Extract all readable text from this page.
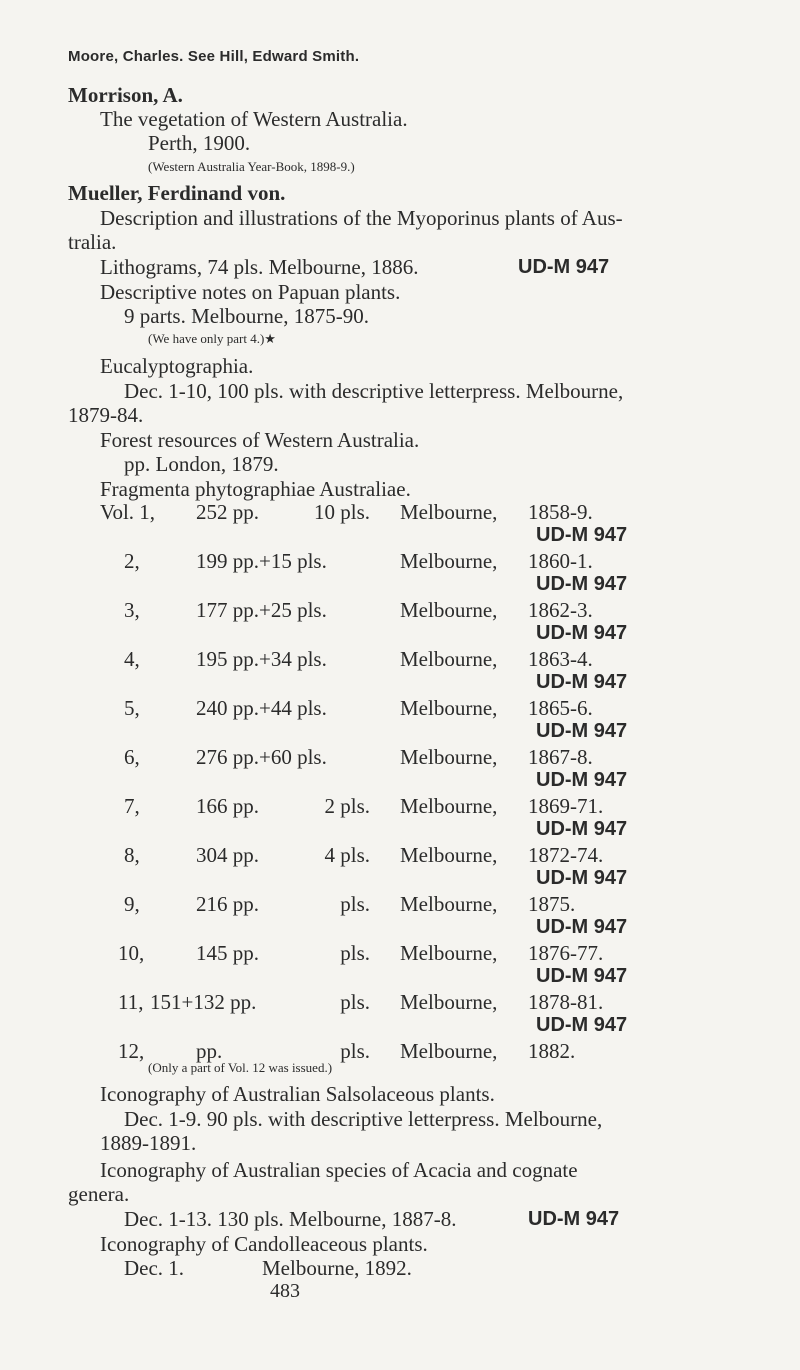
Moore, Charles. See Hill, Edward Smith.
Morrison, A.
The vegetation of Western Australia.
Perth, 1900.
(Western Australia Year-Book, 1898-9.)
Mueller, Ferdinand von.
Description and illustrations of the Myoporinus plants of Aus-
tralia.
Lithograms, 74 pls. Melbourne, 1886.	UD-M 947
Descriptive notes on Papuan plants.
9 parts. Melbourne, 1875-90.
(We have only part 4.)★
Eucalyptographia.
Dec. 1-10, 100 pls. with descriptive letterpress. Melbourne,
1879-84.
Forest resources of Western Australia.
pp. London, 1879.
Fragmenta phytographiae Australiae.
Vol. 1, 252 pp.	10 pls. Melbourne, 1858-9.
UD-M 947
2,	199 pp.+15 pls.	Melbourne, 1860-1.
UD-M 947
3,	177 pp.+25 pls.	Melbourne, 1862-3.
UD-M 947
4,	195 pp.+34 pls.	Melbourne, 1863-4.
UD-M 947
5,	240 pp.+44 pls.	Melbourne, 1865-6.
UD-M 947
6,	276 pp.+60 pls.	Melbourne, 1867-8.
UD-M 947
7,	166 pp.	2 pls. Melbourne, 1869-71.
UD-M 947
8,	304 pp.	4 pls. Melbourne, 1872-74.
UD-M 947
9,	216 pp.	pls. Melbourne, 1875.
UD-M 947
10, 145 pp.	pls. Melbourne, 1876-77.
UD-M 947
11, 151+132 pp.	pls. Melbourne, 1878-81.
UD-M 947
12, pp.	pls. Melbourne, 1882.
(Only a part of Vol. 12 was issued.)
Iconography of Australian Salsolaceous plants.
Dec. 1-9. 90 pls. with descriptive letterpress. Melbourne,
1889-1891.
Iconography of Australian species of Acacia and cognate
genera.
Dec. 1-13. 130 pls. Melbourne, 1887-8.	UD-M 947
Iconography of Candolleaceous plants.
Dec. 1.	Melbourne, 1892.
483
